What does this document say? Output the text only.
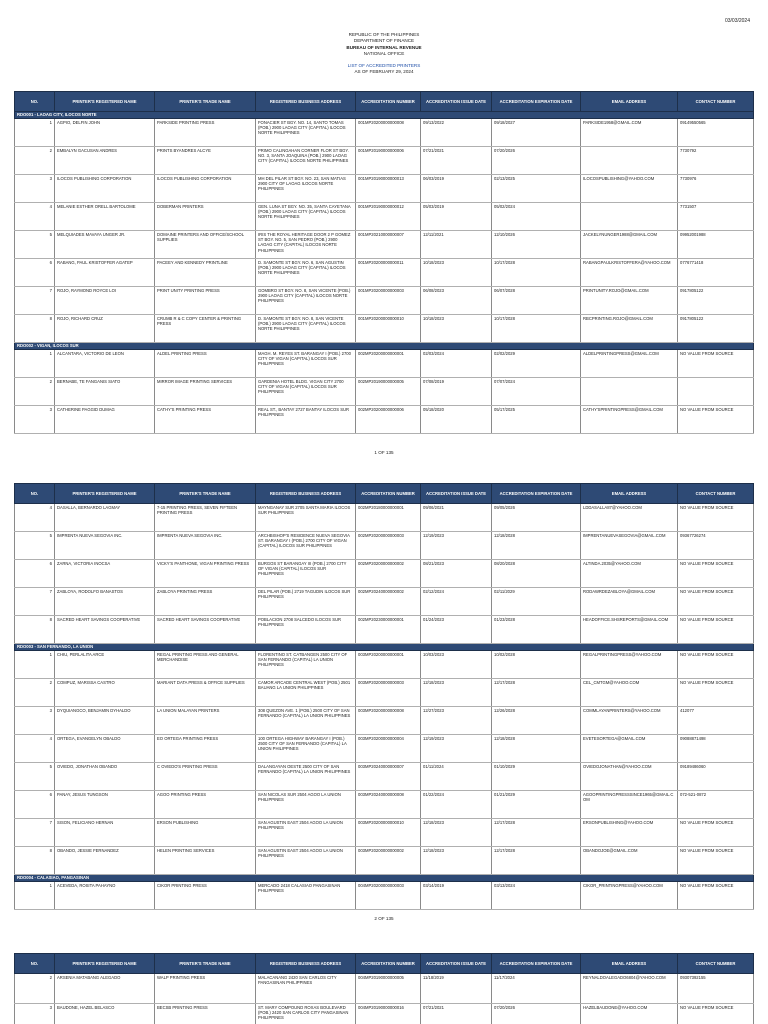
03/03/2024
REPUBLIC OF THE PHILIPPINES
DEPARTMENT OF FINANCE
BUREAU OF INTERNAL REVENUE
NATIONAL OFFICE
LIST OF ACCREDITED PRINTERS
AS OF FEBRUARY 29, 2024
NO.	PRINTER'S REGISTERED NAME	PRINTER'S TRADE NAME	REGISTERED BUSINESS ADDRESS	ACCREDITATION NUMBER	ACCREDITATION ISSUE DATE	ACCREDITATION EXPIRATION DATE	EMAIL ADDRESS	CONTACT NUMBER
RDO001 - LAOAG CITY, ILOCOS NORTE								
1	AGPIO, DELFIN JOHN	PARKSIDE PRINTING PRESS	FONACIER ST BGY. NO. 14, SANTO TOMAS (POB.) 2900 LAOAG CITY (CAPITAL) ILOCOS NORTE PHILIPPINES	001MP20200000000008	09/13/2022	09/18/2027	PARKSIDE1958@GMAIL.COM	09149550565
2	EMBALYN GACUSAN ANDRES	PRINTS BYANDRES ALCYE	PRIMO CALINGAHAN CORNER FLOR ST BGY. NO. 3, SANTA JOAQUINA (POB.) 2900 LAOAG CITY (CAPITAL) ILOCOS NORTE PHILIPPINES	001MP20190000000006	07/21/2021	07/20/2026		7730792
3	ILOCOS PUBLISHING CORPORATION	ILOCOS PUBLISHING CORPORATION	MH DEL PILAR ST BGY. NO. 23, SAN MATIAS 2900 CITY OF LAOAG ILOCOS NORTE PHILIPPINES	001MP20190000000013	06/03/2019	02/13/2025	ILOCOSPUBLISHING@YAHOO.COM	7730976
4	MELANIE ESTHER ORELL BARTOLOME	DOBERMAN PRINTERS	GEN. LUNA ST BGY. NO. 35, SANTA CAYETANA (POB.) 2900 LAOAG CITY (CAPITAL) ILOCOS NORTE PHILIPPINES	001MP20190000000012	05/03/2019	05/02/2024		7731507
5	MELQUIADES MAVAYA UNGER JR.	DOMAINE PRINTERS AND OFFICE/SCHOOL SUPPLIES	IRIS THE ROYAL HERITAGE DOOR 2 P GOMEZ ST BGY. NO. 5, SAN PEDRO (POB.) 2900 LAOAG CITY (CAPITAL) ILOCOS NORTE PHILIPPINES	001MP20210000000007	12/11/2021	12/10/2026	JACKELYNUNGER1988@GMAIL.COM	09952001988
6	RABANG, PAUL KRISTOFFER AGATEP	PACEEY AND KENNEDY PRINTLINE	D. SAMONTE ST BGY. NO. 6, SAN AGUSTIN (POB.) 2900 LAOAG CITY (CAPITAL) ILOCOS NORTE PHILIPPINES	001MP20200000000011	10/18/2023	10/17/2028	RABANGPAULKRISTOFFERA@YAHOO.COM	0776771418
7	ROJO, RAYMOND ROYCE LOI	PRINT UNITY PRINTING PRESS	GOMBRO ST BGY. NO. 8, SAN VICENTE (POB.) 2900 LAOAG CITY (CAPITAL) ILOCOS NORTE PHILIPPINES	001MP20200000000003	06/08/2023	06/07/2028	PRINTUNITY.ROJO@GMAIL.COM	0917805122
8	ROJO, RICHARD CRUZ	CRUMB R & C COPY CENTER & PRINTING PRESS	D. SAMONTE ST BGY. NO. 8, SAN VICENTE (POB.) 2900 LAOAG CITY (CAPITAL) ILOCOS NORTE PHILIPPINES	001MP20200000000010	10/18/2023	10/17/2028	RBCPRINTING.ROJO@GMAIL.COM	0917805122
RDO002 - VIGAN, ILOCOS SUR								
1	ALCANTARA, VICTORIO DE LEON	ALDEL PRINTING PRESS	MAGH. M. REYES ST. BARANGAY I (POB.) 2700 CITY OF VIGAN (CAPITAL) ILOCOS SUR PHILIPPINES	002MP20200000000001	02/03/2024	02/02/2029	ALDELPRINTINGPRESS@GMAIL.COM	NO VALUE FROM SOURCE
2	BERNABE, TE FANGANIS SIATO	MIRROR IMAGE PRINTING SERVICES	GARDENIA HOTEL BLDG. VIGAN CITY 2700 CITY OF VIGAN (CAPITAL) ILOCOS SUR PHILIPPINES	002MP20190000000005	07/08/2019	07/07/2024		
3	CATHERINE PAGGID DUMAG	CATHY'S PRINTING PRESS	REAL ST., BANTAY 2727 BANTAY ILOCOS SUR PHILIPPINES	002MP20200000000006	05/18/2020	05/17/2025	CATHY'SPRINTINGPRESS@GMAIL.COM	NO VALUE FROM SOURCE
1 OF 135
NO.	PRINTER'S REGISTERED NAME	PRINTER'S TRADE NAME	REGISTERED BUSINESS ADDRESS	ACCREDITATION NUMBER	ACCREDITATION ISSUE DATE	ACCREDITATION EXPIRATION DATE	EMAIL ADDRESS	CONTACT NUMBER
4	DASALLA, BERNARDO LAGMAY	7-15 PRINTING PRESS, SEVEN FIFTEEN PRINTING PRESS	MAYNGANAY SUR 2705 SANTA MARIA ILOCOS SUR PHILIPPINES	002MP20180000000001	09/06/2021	09/05/2026	LDDASALLA87@YAHOO.COM	NO VALUE FROM SOURCE
5	IMPRENTA NUEVA SEGOVIA INC.	IMPRENTA NUEVA SEGOVIA INC.	ARCHBISHOP'S RESIDENCE NUEVA SEGOVIA ST. BARANGAY I (POB.) 2700 CITY OF VIGAN (CAPITAL) ILOCOS SUR PHILIPPINES	002MP20200000000003	12/19/2023	12/18/2028	IMPRENTANUEVASEGOVIA@GMAIL.COM	09367726274
6	ZARNA, VICTORIA INOCSA	VICKY'S PANTHONE, VIGAN PRINTING PRESS	BURGOS ST BARANGAY III (POB.) 2700 CITY OF VIGAN (CAPITAL) ILOCOS SUR PHILIPPINES	002MP20200000000002	08/21/2023	08/20/2028	ALTINDA.2035@YAHOO.COM	NO VALUE FROM SOURCE
7	ZABLOYA, RODOLFO BANASTOS	ZABLOYA PRINTING PRESS	DEL PILAR (POB.) 2719 TAGUDIN ILOCOS SUR PHILIPPINES	002MP20240000000002	02/12/2024	02/11/2029	RODAWRDEZABLOYA@GMAIL.COM	NO VALUE FROM SOURCE
8	SACRED HEART SAVINGS COOPERATIVE	SACRED HEART SAVINGS COOPERATIVE	POBLACION 2708 SALCEDO ILOCOS SUR PHILIPPINES	002MP20230000000001	01/24/2023	01/23/2028	HEADOFFICE.SHSREPORTS@GMAIL.COM	NO VALUE FROM SOURCE
RDO003 - SAN FERNANDO, LA UNION								
1	CHIU, PERLALITA ARCE	REGAL PRINTING PRESS AND GENERAL MERCHANDISE	FLORENTINO ST. CATBANGEN 2500 CITY OF SAN FERNANDO (CAPITAL) LA UNION PHILIPPINES	003MP20200000000001	10/03/2023	10/02/2028	REGALPRINTINGPRESS@YAHOO.COM	NO VALUE FROM SOURCE
2	COMPUZ, MARISSA CASTRO	MARIANT DATA PRESS & OFFICE SUPPLIES	CAMOR ARCADE CENTRAL WEST (POB.) 2501 BAUANG LA UNION PHILIPPINES	003MP20200000000003	12/18/2023	12/17/2028	CEL_CMTGM@YAHOO.COM	NO VALUE FROM SOURCE
3	DYQUIANGCO, BENJAMIN DYHALDO	LA UNION MALAYAN PRINTERS	308 QUEZON AVE. 1 (POB.) 2500 CITY OF SAN FERNANDO (CAPITAL) LA UNION PHILIPPINES	003MP20200000000008	12/27/2023	12/26/2028	COMMLAYANPRINTERS@YAHOO.COM	412077
4	ORTEGA, EVANGELYN OBALDO	EO ORTEGA PRINTING PRESS	100 ORTEGA HIGHWAY BARANGAY I (POB.) 2500 CITY OF SAN FERNANDO (CAPITAL) LA UNION PHILIPPINES	003MP20200000000004	12/19/2023	12/18/2028	EVETESORTEGA@GMAIL.COM	09088871498
5	OVIEDO, JONATHAN OBANDO	C OVIEDO'S PRINTING PRESS	DALANGAYAN OESTE 2500 CITY OF SAN FERNANDO (CAPITAL) LA UNION PHILIPPINES	003MP20240000000007	01/11/2024	01/10/2029	OVIEDOJONATHAN@YAHOO.COM	09189486060
6	PANAY, JESUS TUNGSON	AGOO PRINTING PRESS	SAN NICOLAS SUR 2504 AGOO LA UNION PHILIPPINES	003MP20240000000008	01/22/2024	01/21/2029	AGOOPRINTINGPRESSSINCE1965@GMAIL.COM	072-521-0872
7	SISON, FELICIANO HERNAN	ERSON PUBLISHING	SAN AGUSTIN EAST 2504 AGOO LA UNION PHILIPPINES	003MP20200000000010	12/18/2023	12/17/2028	ERSONPUBLISHING@YAHOO.COM	NO VALUE FROM SOURCE
8	OBANDO, JESSIE FERNANDEZ	HELEN PRINTING SERVICES	SAN AGUSTIN EAST 2504 AGOO LA UNION PHILIPPINES	003MP20200000000002	12/18/2023	12/17/2028	OBANDOJOE@GMAIL.COM	NO VALUE FROM SOURCE
RDO004 - CALASIAO, PANGASINAN								
1	ACEVEDA, ROSITA PAHAYNO	CIKOR PRINTING PRESS	MERCADO 2418 CALASIAO PANGASINAN PHILIPPINES	004MP20200000000003	03/14/2019	03/13/2024	CIKOR_PRINTINGPRESS@YAHOO.COM	NO VALUE FROM SOURCE
2 OF 135
NO.	PRINTER'S REGISTERED NAME	PRINTER'S TRADE NAME	REGISTERED BUSINESS ADDRESS	ACCREDITATION NUMBER	ACCREDITATION ISSUE DATE	ACCREDITATION EXPIRATION DATE	EMAIL ADDRESS	CONTACT NUMBER
2	ARSENIA MATABANG ALEGADO	WALP PRINTING PRESS	MALACANANG 2420 SAN CARLOS CITY PANGASINAN PHILIPPINES	004MP20190000000005	11/18/2019	11/17/2024	REYNALDOALEGADO6804@YAHOO.COM	09307392155
3	BAUDONE, HAZEL BELASCO	BECSB PRINTING PRESS	ST. MARY COMPOUND ROXAS BOULEVARD (POB.) 2420 SAN CARLOS CITY PANGASINAN PHILIPPINES	004MP20190000000016	07/21/2021	07/20/2026	HAZELBAUDONE@YAHOO.COM	NO VALUE FROM SOURCE
